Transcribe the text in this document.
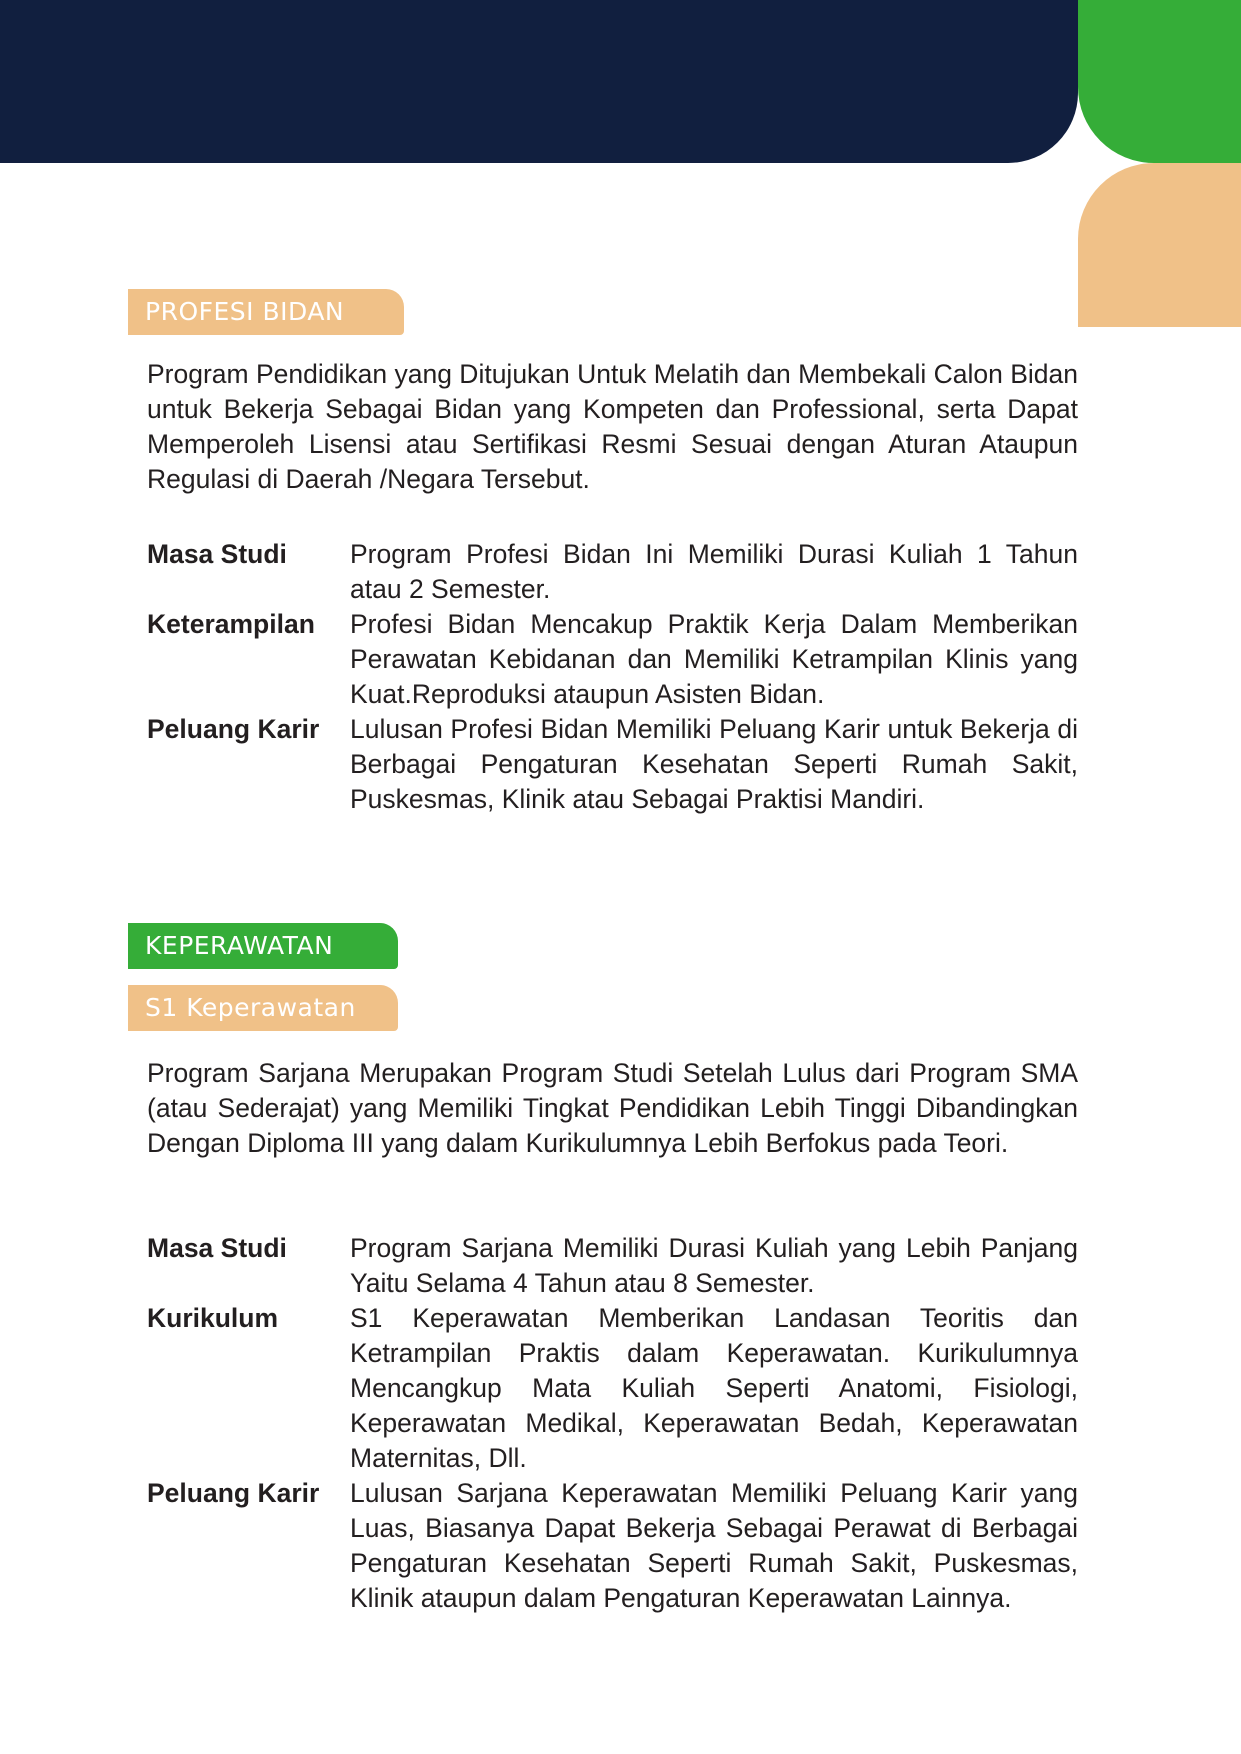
PROFESI BIDAN
Program Pendidikan yang Ditujukan Untuk Melatih dan Membekali Calon Bidan untuk Bekerja Sebagai Bidan yang Kompeten dan Professional, serta Dapat Memperoleh Lisensi atau Sertifikasi Resmi Sesuai dengan Aturan Ataupun Regulasi di Daerah /Negara Tersebut.
Masa Studi	Program Profesi Bidan Ini Memiliki Durasi Kuliah 1 Tahun atau 2 Semester.
Keterampilan	Profesi Bidan Mencakup Praktik Kerja Dalam Memberikan Perawatan Kebidanan dan Memiliki Ketrampilan Klinis yang Kuat.Reproduksi ataupun Asisten Bidan.
Peluang Karir	Lulusan Profesi Bidan Memiliki Peluang Karir untuk Bekerja di Berbagai Pengaturan Kesehatan Seperti Rumah Sakit, Puskesmas, Klinik atau Sebagai Praktisi Mandiri.
KEPERAWATAN
S1 Keperawatan
Program Sarjana Merupakan Program Studi Setelah Lulus dari Program SMA (atau Sederajat) yang Memiliki Tingkat Pendidikan Lebih Tinggi Dibandingkan Dengan Diploma III yang dalam Kurikulumnya Lebih Berfokus pada Teori.
Masa Studi	Program Sarjana Memiliki Durasi Kuliah yang Lebih Panjang Yaitu Selama 4 Tahun atau 8 Semester.
Kurikulum	S1 Keperawatan Memberikan Landasan Teoritis dan Ketrampilan Praktis dalam Keperawatan. Kurikulumnya Mencangkup Mata Kuliah Seperti Anatomi, Fisiologi, Keperawatan Medikal, Keperawatan Bedah, Keperawatan Maternitas, Dll.
Peluang Karir	Lulusan Sarjana Keperawatan Memiliki Peluang Karir yang Luas, Biasanya Dapat Bekerja Sebagai Perawat di Berbagai Pengaturan Kesehatan Seperti Rumah Sakit, Puskesmas, Klinik ataupun dalam Pengaturan Keperawatan Lainnya.
